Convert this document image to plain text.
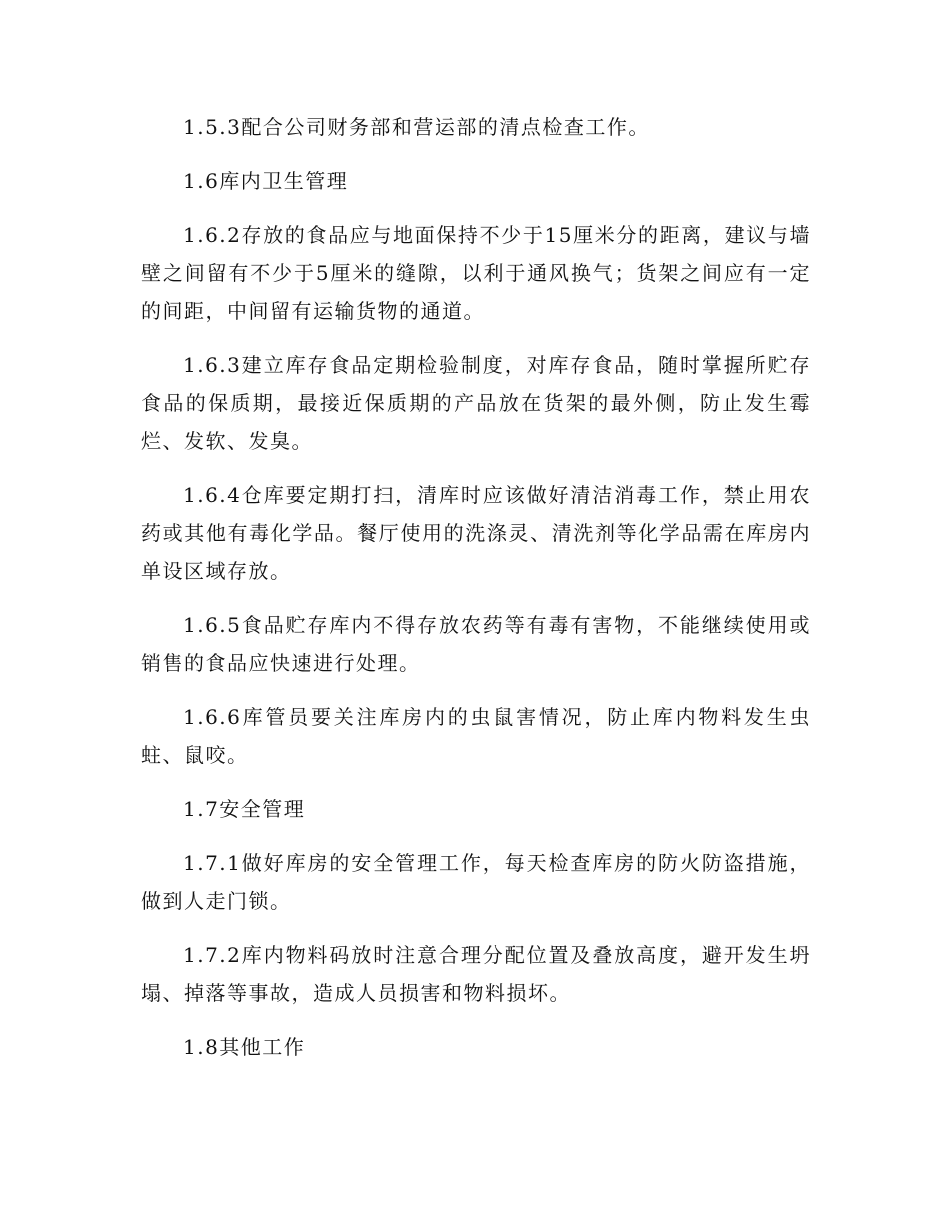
1.5.3配合公司财务部和营运部的清点检查工作。

1.6库内卫生管理

1.6.2存放的食品应与地面保持不少于15厘米分的距离，建议与墙壁之间留有不少于5厘米的缝隙，以利于通风换气；货架之间应有一定的间距，中间留有运输货物的通道。

1.6.3建立库存食品定期检验制度，对库存食品，随时掌握所贮存食品的保质期，最接近保质期的产品放在货架的最外侧，防止发生霉烂、发软、发臭。

1.6.4仓库要定期打扫，清库时应该做好清洁消毒工作，禁止用农药或其他有毒化学品。餐厅使用的洗涤灵、清洗剂等化学品需在库房内单设区域存放。

1.6.5食品贮存库内不得存放农药等有毒有害物，不能继续使用或销售的食品应快速进行处理。

1.6.6库管员要关注库房内的虫鼠害情况，防止库内物料发生虫蛀、鼠咬。

1.7安全管理

1.7.1做好库房的安全管理工作，每天检查库房的防火防盗措施，做到人走门锁。

1.7.2库内物料码放时注意合理分配位置及叠放高度，避开发生坍塌、掉落等事故，造成人员损害和物料损坏。

1.8其他工作
